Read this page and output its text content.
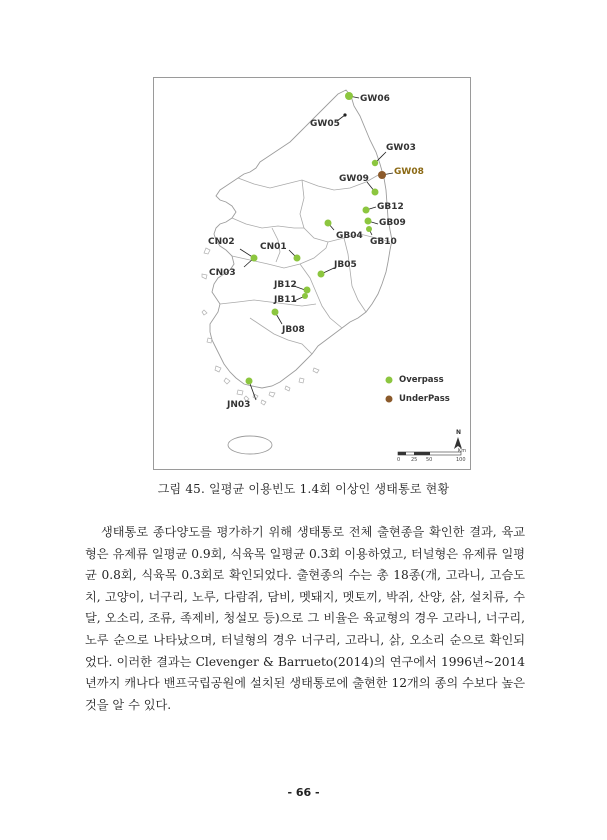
GW06
GW05
GW03
GW08
GW09
GB12
GB09
GB04
GB10
CN02	CN01
CN03
JB05
JB12
JB11
JB08
JN03
Overpass
UnderPass
N
0 25 50	100
Km
그림 45. 일평균 이용빈도 1.4회 이상인 생태통로 현황

생태통로 종다양도를 평가하기 위해 생태통로 전체 출현종을 확인한 결과, 육교형은 유제류 일평균 0.9회, 식육목 일평균 0.3회 이용하였고, 터널형은 유제류 일평균 0.8회, 식육목 0.3회로 확인되었다. 출현종의 수는 총 18종(개, 고라니, 고슴도치, 고양이, 너구리, 노루, 다람쥐, 담비, 멧돼지, 멧토끼, 박쥐, 산양, 삵, 설치류, 수달, 오소리, 조류, 족제비, 청설모 등)으로 그 비율은 육교형의 경우 고라니, 너구리, 노루 순으로 나타났으며, 터널형의 경우 너구리, 고라니, 삵, 오소리 순으로 확인되었다. 이러한 결과는 Clevenger & Barrueto(2014)의 연구에서 1996년~2014년까지 캐나다 밴프국립공원에 설치된 생태통로에 출현한 12개의 종의 수보다 높은 것을 알 수 있다.

- 66 -
